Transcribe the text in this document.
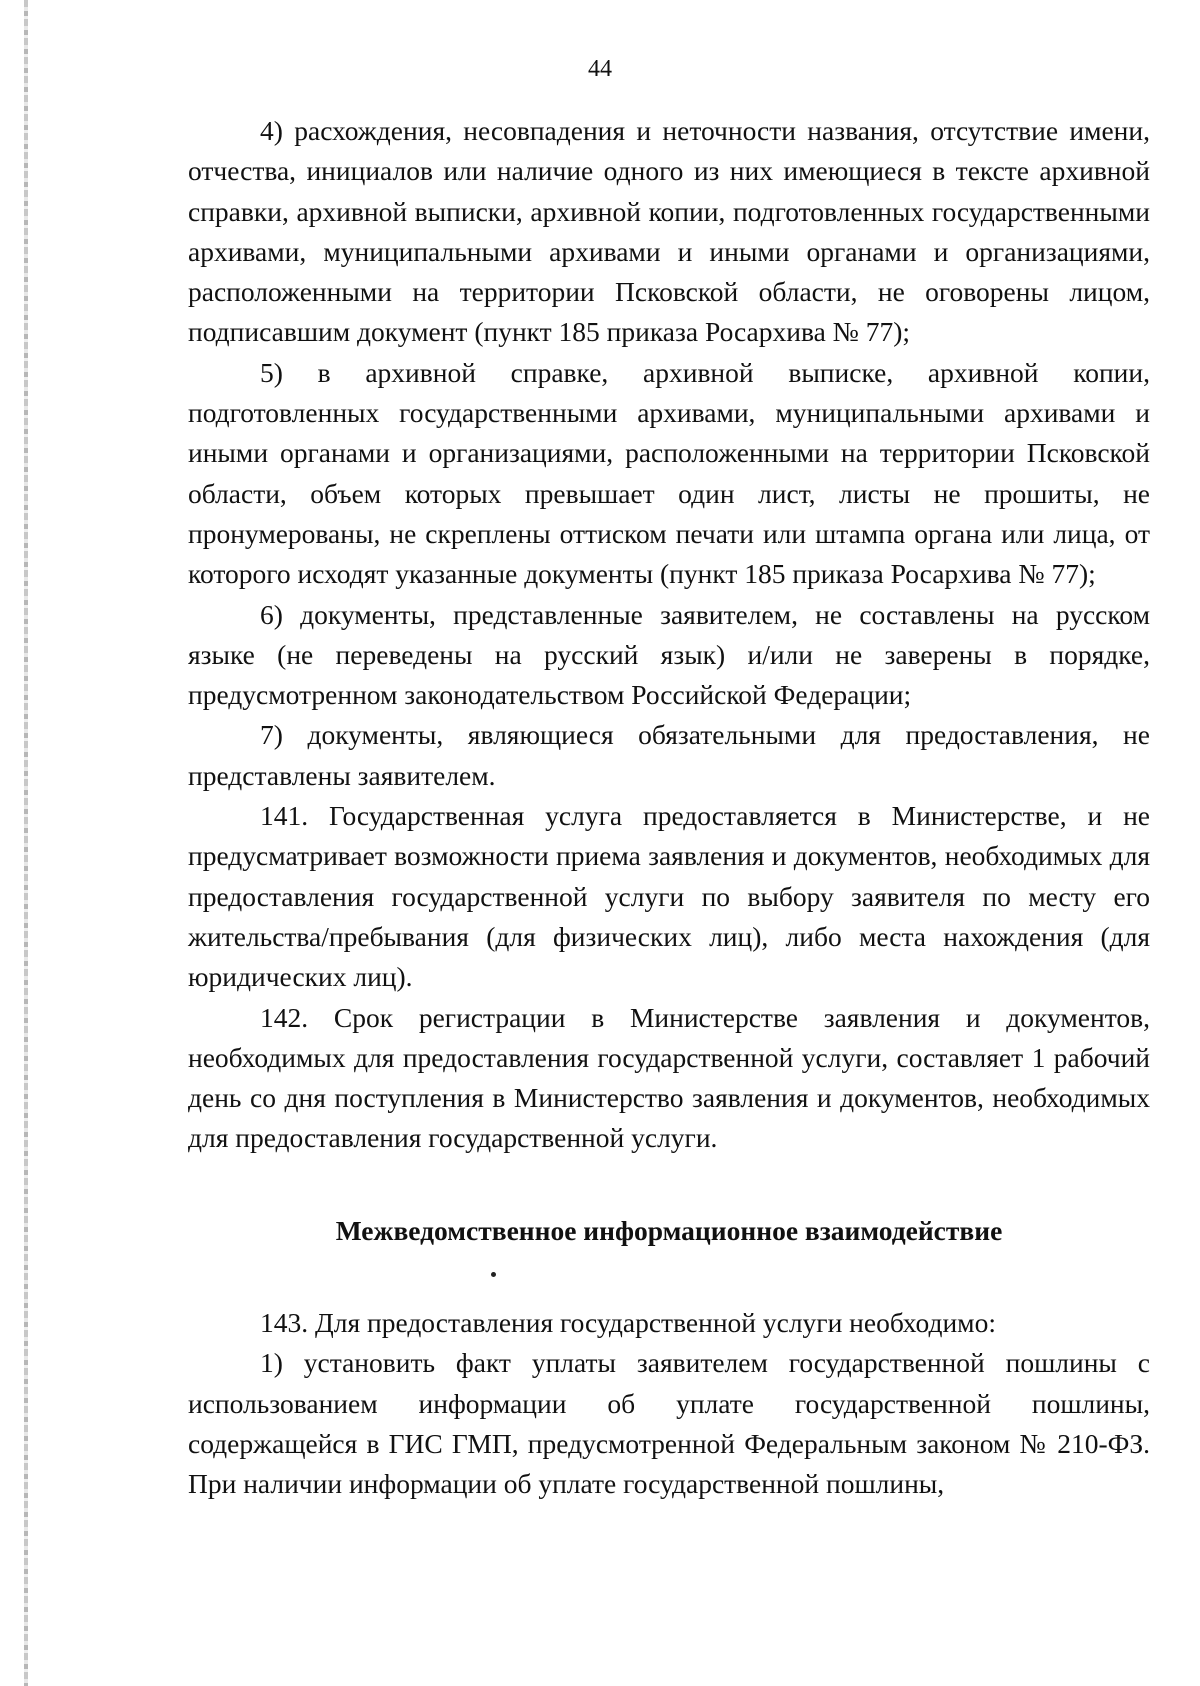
44

4) расхождения, несовпадения и неточности названия, отсутствие имени, отчества, инициалов или наличие одного из них имеющиеся в тексте архивной справки, архивной выписки, архивной копии, подготовленных государственными архивами, муниципальными архивами и иными органами и организациями, расположенными на территории Псковской области, не оговорены лицом, подписавшим документ (пункт 185 приказа Росархива № 77);

5) в архивной справке, архивной выписке, архивной копии, подготовленных государственными архивами, муниципальными архивами и иными органами и организациями, расположенными на территории Псковской области, объем которых превышает один лист, листы не прошиты, не пронумерованы, не скреплены оттиском печати или штампа органа или лица, от которого исходят указанные документы (пункт 185 приказа Росархива № 77);

6) документы, представленные заявителем, не составлены на русском языке (не переведены на русский язык) и/или не заверены в порядке, предусмотренном законодательством Российской Федерации;

7) документы, являющиеся обязательными для предоставления, не представлены заявителем.

141. Государственная услуга предоставляется в Министерстве, и не предусматривает возможности приема заявления и документов, необходимых для предоставления государственной услуги по выбору заявителя по месту его жительства/пребывания (для физических лиц), либо места нахождения (для юридических лиц).

142. Срок регистрации в Министерстве заявления и документов, необходимых для предоставления государственной услуги, составляет 1 рабочий день со дня поступления в Министерство заявления и документов, необходимых для предоставления государственной услуги.

Межведомственное информационное взаимодействие

143. Для предоставления государственной услуги необходимо:

1) установить факт уплаты заявителем государственной пошлины с использованием информации об уплате государственной пошлины, содержащейся в ГИС ГМП, предусмотренной Федеральным законом № 210-ФЗ. При наличии информации об уплате государственной пошлины,
